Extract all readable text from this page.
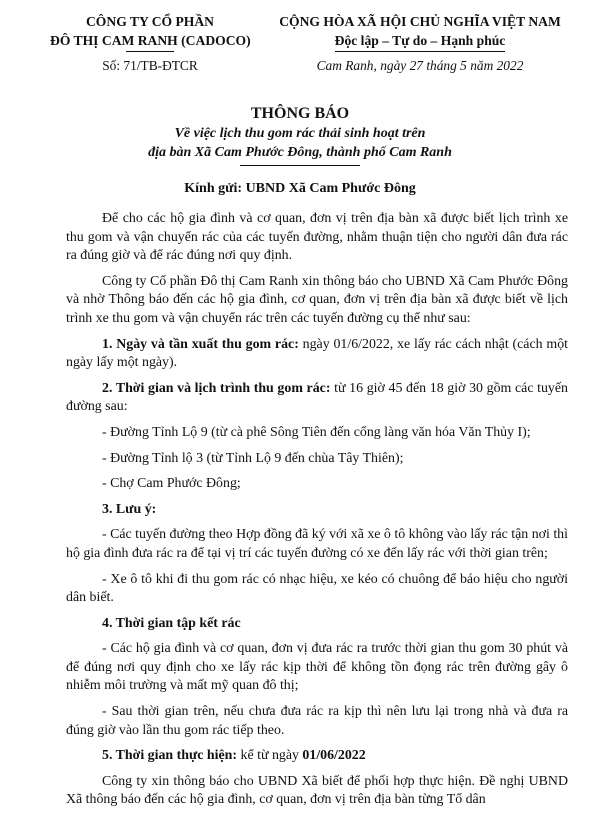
CÔNG TY CỔ PHẦN
ĐÔ THỊ CAM RANH (CADOCO)
Số: 71/TB-ĐTCR
CỘNG HÒA XÃ HỘI CHỦ NGHĨA VIỆT NAM
Độc lập – Tự do – Hạnh phúc
Cam Ranh, ngày 27 tháng 5 năm 2022
THÔNG BÁO
Về việc lịch thu gom rác thải sinh hoạt trên
địa bàn Xã Cam Phước Đông, thành phố Cam Ranh
Kính gửi: UBND Xã Cam Phước Đông

Để cho các hộ gia đình và cơ quan, đơn vị trên địa bàn xã được biết lịch trình xe thu gom và vận chuyển rác của các tuyến đường, nhằm thuận tiện cho người dân đưa rác ra đúng giờ và để rác đúng nơi quy định.

Công ty Cổ phần Đô thị Cam Ranh xin thông báo cho UBND Xã Cam Phước Đông và nhờ Thông báo đến các hộ gia đình, cơ quan, đơn vị trên địa bàn xã được biết về lịch trình xe thu gom và vận chuyển rác trên các tuyến đường cụ thể như sau:

1. Ngày và tần xuất thu gom rác: ngày 01/6/2022, xe lấy rác cách nhật (cách một ngày lấy một ngày).

2. Thời gian và lịch trình thu gom rác: từ 16 giờ 45 đến 18 giờ 30 gồm các tuyến đường sau:

- Đường Tỉnh Lộ 9 (từ cà phê Sông Tiên đến cổng làng văn hóa Văn Thủy I);

- Đường Tỉnh lộ 3 (từ Tỉnh Lộ 9 đến chùa Tây Thiên);

- Chợ Cam Phước Đông;

3. Lưu ý:

- Các tuyến đường theo Hợp đồng đã ký với xã xe ô tô không vào lấy rác tận nơi thì hộ gia đình đưa rác ra để tại vị trí các tuyến đường có xe đến lấy rác với thời gian trên;

- Xe ô tô khi đi thu gom rác có nhạc hiệu, xe kéo có chuông để báo hiệu cho người dân biết.

4. Thời gian tập kết rác

- Các hộ gia đình và cơ quan, đơn vị đưa rác ra trước thời gian thu gom 30 phút và để đúng nơi quy định cho xe lấy rác kịp thời để không tồn đọng rác trên đường gây ô nhiễm môi trường và mất mỹ quan đô thị;

- Sau thời gian trên, nếu chưa đưa rác ra kịp thì nên lưu lại trong nhà và đưa ra đúng giờ vào lần thu gom rác tiếp theo.

5. Thời gian thực hiện: kể từ ngày 01/06/2022

Công ty xin thông báo cho UBND Xã biết để phối hợp thực hiện. Đề nghị UBND Xã thông báo đến các hộ gia đình, cơ quan, đơn vị trên địa bàn từng Tổ dân
